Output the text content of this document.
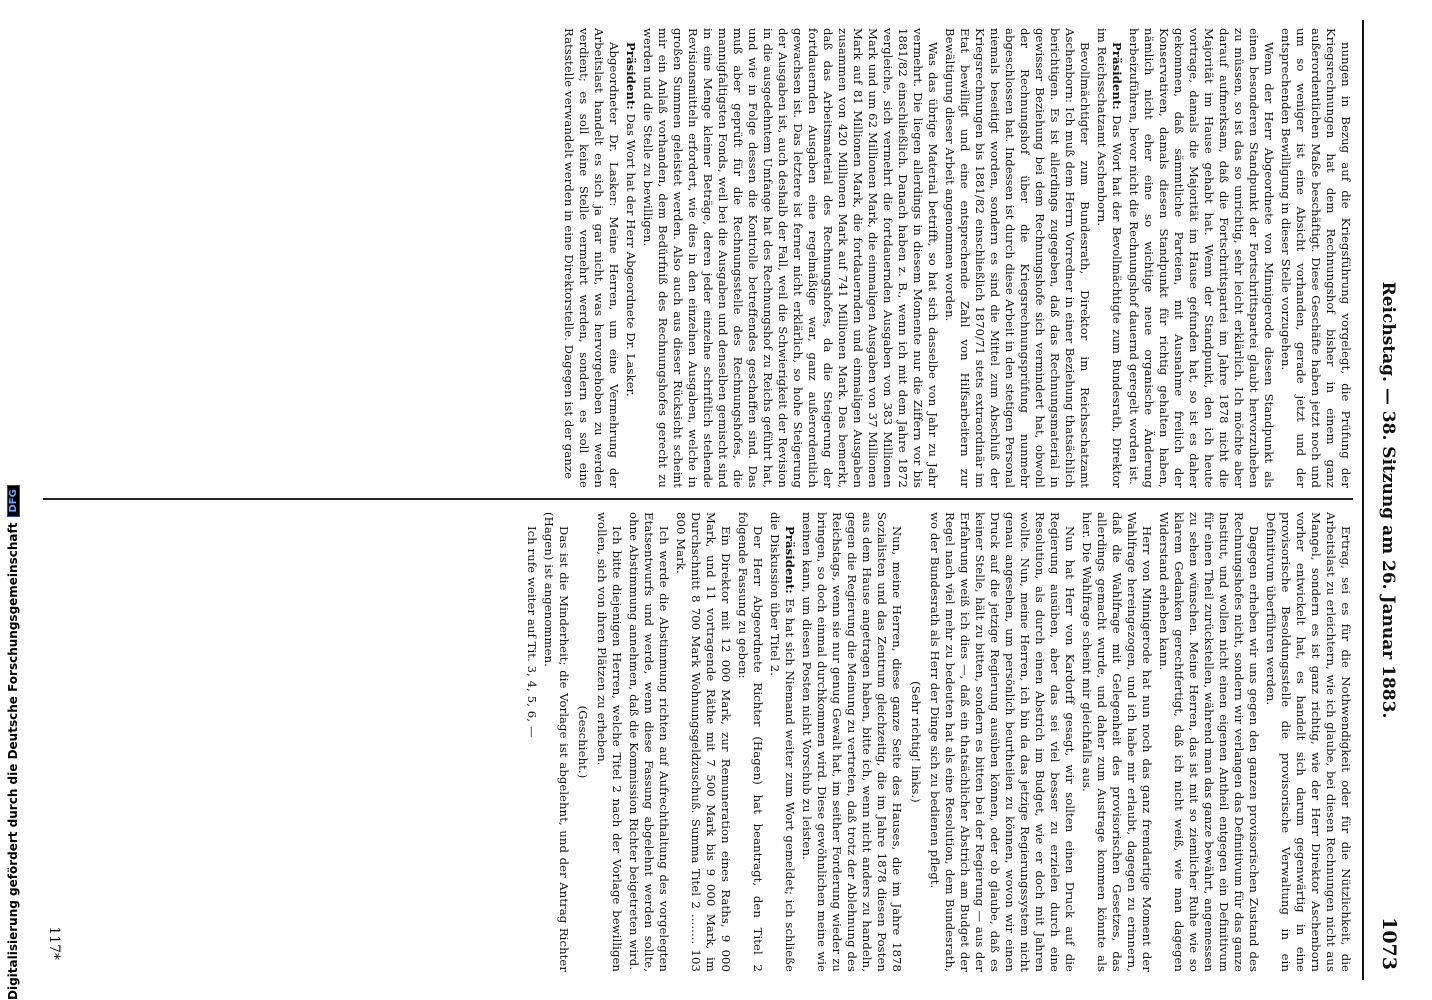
Reichstag. — 38. Sitzung am 26. Januar 1883.
1073

nungen in Bezug auf die Kriegsführung vorgelegt, die Prüfung der Kriegsrechnungen hat dem Rechnungshof bisher in einem ganz außerordentlichen Maße beschäftigt. Diese Geschäfte haben jetzt noch und um so weniger ist eine Absicht vorhanden, gerade jetzt und der entsprechenden Bewilligung in dieser Stelle vorzugehen.

Wenn der Herr Abgeordnete von Minnigerode diesen Standpunkt als einen besonderen Standpunkt der Fortschrittspartei glaubt hervorzuheben zu müssen, so ist das so unrichtig, sehr leicht erklärlich. Ich möchte aber darauf aufmerksam, daß die Fortschrittspartei im Jahre 1878 nicht die Majorität im Hause gehabt hat. Wenn der Standpunkt, den ich heute vortrage, damals die Majorität im Hause gefunden hat, so ist es daher gekommen, daß sämmtliche Parteien, mit Ausnahme freilich der Konservativen, damals diesen Standpunkt für richtig gehalten haben, nämlich nicht eher eine so wichtige neue organische Änderung herbeizuführen, bevor nicht die Rechnungshof dauernd geregelt worden ist.

Präsident: Das Wort hat der Bevollmächtigte zum Bundesrath, Direktor im Reichsschatzamt Aschenborn.

Bevollmächtigter zum Bundesrath, Direktor im Reichsschatzamt Aschenborn: Ich muß dem Herrn Vorredner in einer Beziehung thatsächlich berichtigen. Es ist allerdings zugegeben, daß das Rechnungsmaterial in gewisser Beziehung bei dem Rechnungshofe sich vermindert hat, obwohl der Rechnungshof über die Kriegsrechnungsprüfung nunmehr abgeschlossen hat. Indessen ist durch diese Arbeit in den stetigen Personal niemals beseitigt worden, sondern es sind die Mittel zum Abschluß der Kriegsrechnungen bis 1881/82 einschließlich 1870/71 stets extraordinär im Etat bewilligt und eine entsprechende Zahl von Hilfsarbeitern zur Bewältigung dieser Arbeit angenommen worden.

Was das übrige Material betrifft, so hat sich dasselbe von Jahr zu Jahr vermehrt. Die liegen allerdings in diesem Momente nur die Ziffern vor bis 1881/82 einschließlich. Danach haben z. B., wenn ich mit dem Jahre 1872 vergleiche, sich vermehrt die fortdauernden Ausgaben von 383 Millionen Mark und um 62 Millionen Mark, die einmaligen Ausgaben von 37 Millionen Mark auf 81 Millionen Mark, die fortdauernden und einmaligen Ausgaben zusammen von 420 Millionen Mark auf 741 Millionen Mark. Das bemerkt, daß das Arbeitsmaterial des Rechnungshofes, da die Steigerung der fortdauernden Ausgaben eine regelmäßige war, ganz außerordentlich gewachsen ist. Das letztere ist ferner nicht erklärlich, so hohe Steigerung der Ausgaben ist, auch deshalb der Fall, weil die Schwierigkeit der Revision in die ausgedehntem Umfange hat des Rechnungshof zu Reichs geführt hat, und wie in Folge dessen die Kontrolle betreffendes geschaffen sind. Das muß aber geprüft für die Rechnungsstelle des Rechnungshofes, die mannigfaltigsten Fonds, weil bei die Ausgaben und denselben gemischt sind in eine Menge kleiner Beträge, deren jeder einzelne schriftlich stehende Revisionsmitteln erfordert, wie dies in den einzelnen Ausgaben, welche in großen Summen geleistet werden. Also auch aus dieser Rücksicht scheint mir ein Anlaß vorhanden, dem Bedürfniß des Rechnungshofes gerecht zu werden und die Stelle zu bewilligen.

Präsident: Das Wort hat der Herr Abgeordnete Dr. Lasker.

Abgeordneter Dr. Lasker: Meine Herren, um eine Vermehrung der Arbeitslast handelt es sich ja gar nicht, was hervorgehoben zu werden verdient; es soll keine Stelle vermehrt werden, sondern es soll eine Ratsstelle verwandelt werden in eine Direktorstelle. Dagegen ist der ganze

Ertrag, sei es für die Nothwendigkeit oder für die Nützlichkeit, die Arbeitslast zu erleichtern, wie ich glaube, bei diesen Rechnungen nicht aus Mangel, sondern es ist ganz richtig, wie der Herr Direktor Aschenborn vorher entwickelt hat, es handelt sich darum gegenwärtig in eine provisorische Besoldungsstelle die provisorische Verwaltung in ein Definitivum überführen werden.

Dagegen erheben wir uns gegen den ganzen provisorischen Zustand des Rechnungshofes nicht, sondern wir verlangen das Definitivum für das ganze Institut, und wollen nicht einen eigenen Antheil entgegen ein Definitivum für einen Theil zurückstellen, während man das ganze bewährt, angemessen zu sehen wünschen. Meine Herren, das ist mit so ziemlicher Ruhe wie so klarem Gedanken gerechtfertigt, daß ich nicht weiß, wie man dagegen Widerstand erheben kann.

Herr von Minnigerode hat nun noch das ganz fremdartige Moment der Wahlfrage hereingezogen, und ich habe mir erlaubt, dagegen zu erinnern, daß die Wahlfrage mit Gelegenheit des provisorischen Gesetzes, das allerdings gemacht wurde, und daher zum Austrage kommen könnte als hier. Die Wahlfrage scheint mir gleichfalls aus.

Nun hat Herr von Kardorff gesagt, wir sollten einen Druck auf die Regierung ausüben, aber das sei viel besser zu erzielen durch eine Resolution, als durch einen Abstrich im Budget, wie er doch mit Jahren wollte. Nun, meine Herren, ich bin da das jetzige Regierungssystem nicht genau angesehen, um persönlich beurtheilen zu können, wovon wir einen Druck auf die jetzige Regierung ausüben können, oder ob glaube, daß es keiner Stelle, hält zu bitten, sondern es bitten bei der Regierung — aus der Erfahrung weiß ich dies —, daß ein thatsächlicher Abstrich am Budget der Regel nach viel mehr zu bedeuten hat als eine Resolution, dem Bundesrath, wo der Bundesrath als Herr der Dinge sich zu bedienen pflegt.

(Sehr richtig! links.)

Nun, meine Herren, diese ganze Seite des Hauses, die im Jahre 1878 Sozialisten und das Zentrum gleichzeitig, die im Jahre 1878 diesen Posten aus dem Hause angetragen haben, bitte ich, wenn nicht anders zu handeln, gegen die Regierung die Meinung zu vertreten, daß trotz der Ablehnung des Reichstags, wenn sie nur genug Gewalt hat, im seither Forderung wieder zu bringen, so doch einmal durchkommen wird. Diese gewöhnlichen meine wie meinen kann, um diesen Posten nicht Vorschub zu leisten.

Präsident: Es hat sich Niemand weiter zum Wort gemeldet; ich schließe die Diskussion über Titel 2.

Der Herr Abgeordnete Richter (Hagen) hat beantragt, den Titel 2 folgende Fassung zu geben:

Ein Direktor mit 12 000 Mark, zur Remuneration eines Raths, 9 000 Mark, und 11 vortragende Räthe mit 7 500 Mark bis 9 000 Mark, im Durchschnitt 8 700 Mark Wohnungsgeldzuschuß. Summa Titel 2 ........ 103 800 Mark.

Ich werde die Abstimmung richten auf Aufrechthaltung des vorgelegten Etatsentwurfs und werde, wenn diese Fassung abgelehnt werden sollte, ohne Abstimmung annehmen, daß die Kommission Richter beigetreten wird.

Ich bitte diejenigen Herren, welche Titel 2 nach der Vorlage bewilligen wollen, sich von ihren Plätzen zu erheben.

(Geschieht.)

Das ist die Minderheit; die Vorlage ist abgelehnt, und der Antrag Richter (Hagen) ist angenommen.

Ich rufe weiter auf Tit. 3, 4, 5, 6, —

117*
Digitalisierung gefördert durch die Deutsche Forschungsgemeinschaft
DFG
